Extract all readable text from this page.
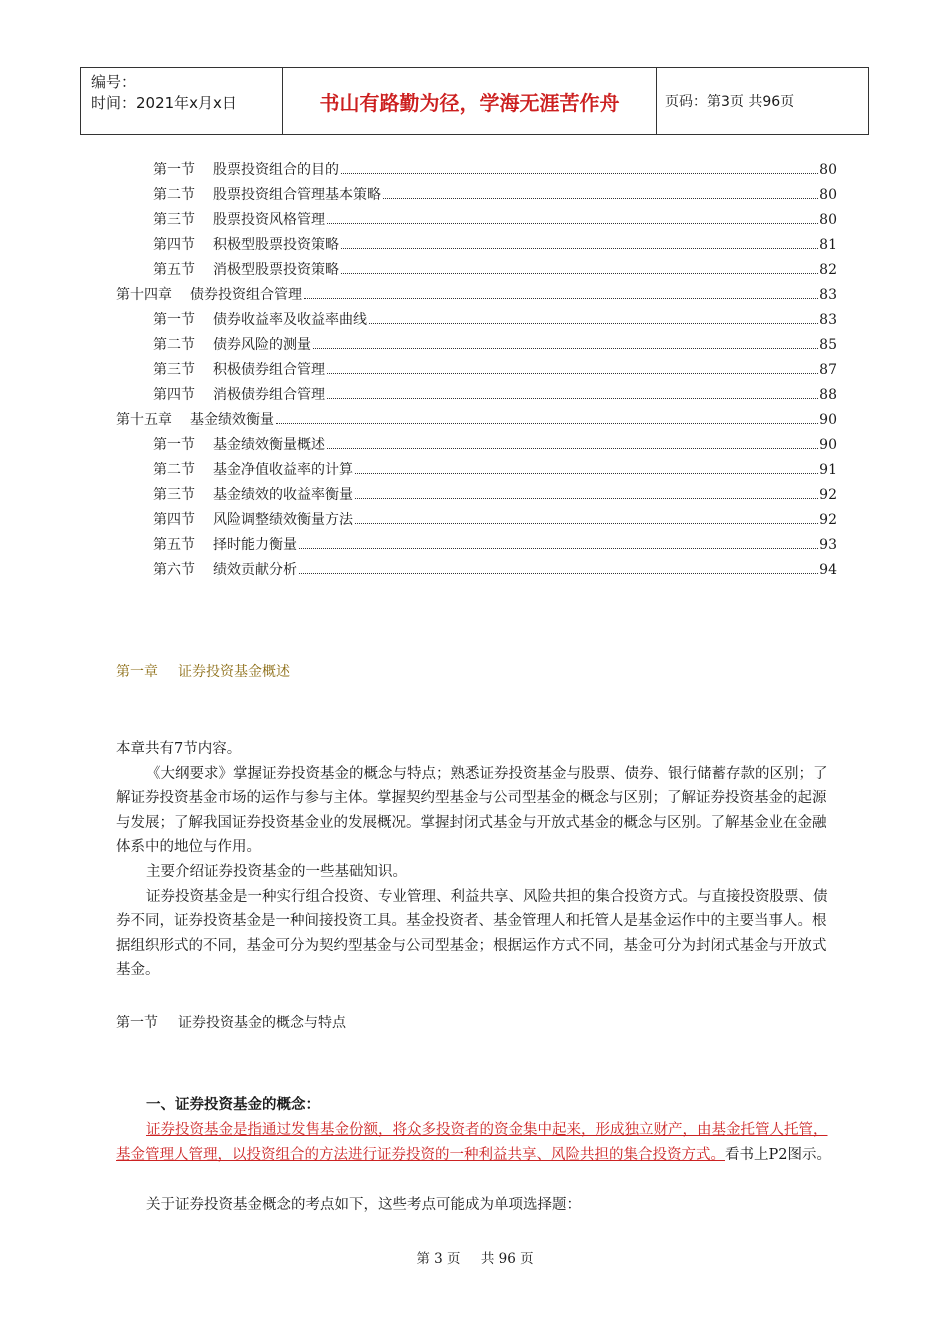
编号：
时间：2021年x月x日	书山有路勤为径，学海无涯苦作舟	页码：第3页 共96页
第一节 股票投资组合的目的	80
第二节 股票投资组合管理基本策略	80
第三节 股票投资风格管理	80
第四节 积极型股票投资策略	81
第五节 消极型股票投资策略	82
第十四章 债券投资组合管理	83
第一节 债券收益率及收益率曲线	83
第二节 债券风险的测量	85
第三节 积极债券组合管理	87
第四节 消极债券组合管理	88
第十五章 基金绩效衡量	90
第一节 基金绩效衡量概述	90
第二节 基金净值收益率的计算	91
第三节 基金绩效的收益率衡量	92
第四节 风险调整绩效衡量方法	92
第五节 择时能力衡量	93
第六节 绩效贡献分析	94
第一章 证券投资基金概述
本章共有7节内容。
《大纲要求》掌握证券投资基金的概念与特点；熟悉证券投资基金与股票、债券、银行储蓄存款的区别；了解证券投资基金市场的运作与参与主体。掌握契约型基金与公司型基金的概念与区别；了解证券投资基金的起源与发展；了解我国证券投资基金业的发展概况。掌握封闭式基金与开放式基金的概念与区别。了解基金业在金融体系中的地位与作用。
主要介绍证券投资基金的一些基础知识。
证券投资基金是一种实行组合投资、专业管理、利益共享、风险共担的集合投资方式。与直接投资股票、债券不同，证券投资基金是一种间接投资工具。基金投资者、基金管理人和托管人是基金运作中的主要当事人。根据组织形式的不同，基金可分为契约型基金与公司型基金；根据运作方式不同，基金可分为封闭式基金与开放式基金。
第一节 证券投资基金的概念与特点
一、证券投资基金的概念：
证券投资基金是指通过发售基金份额，将众多投资者的资金集中起来，形成独立财产，由基金托管人托管，基金管理人管理，以投资组合的方法进行证券投资的一种利益共享、风险共担的集合投资方式。看书上P2图示。
关于证券投资基金概念的考点如下，这些考点可能成为单项选择题：
第 3 页 共 96 页
